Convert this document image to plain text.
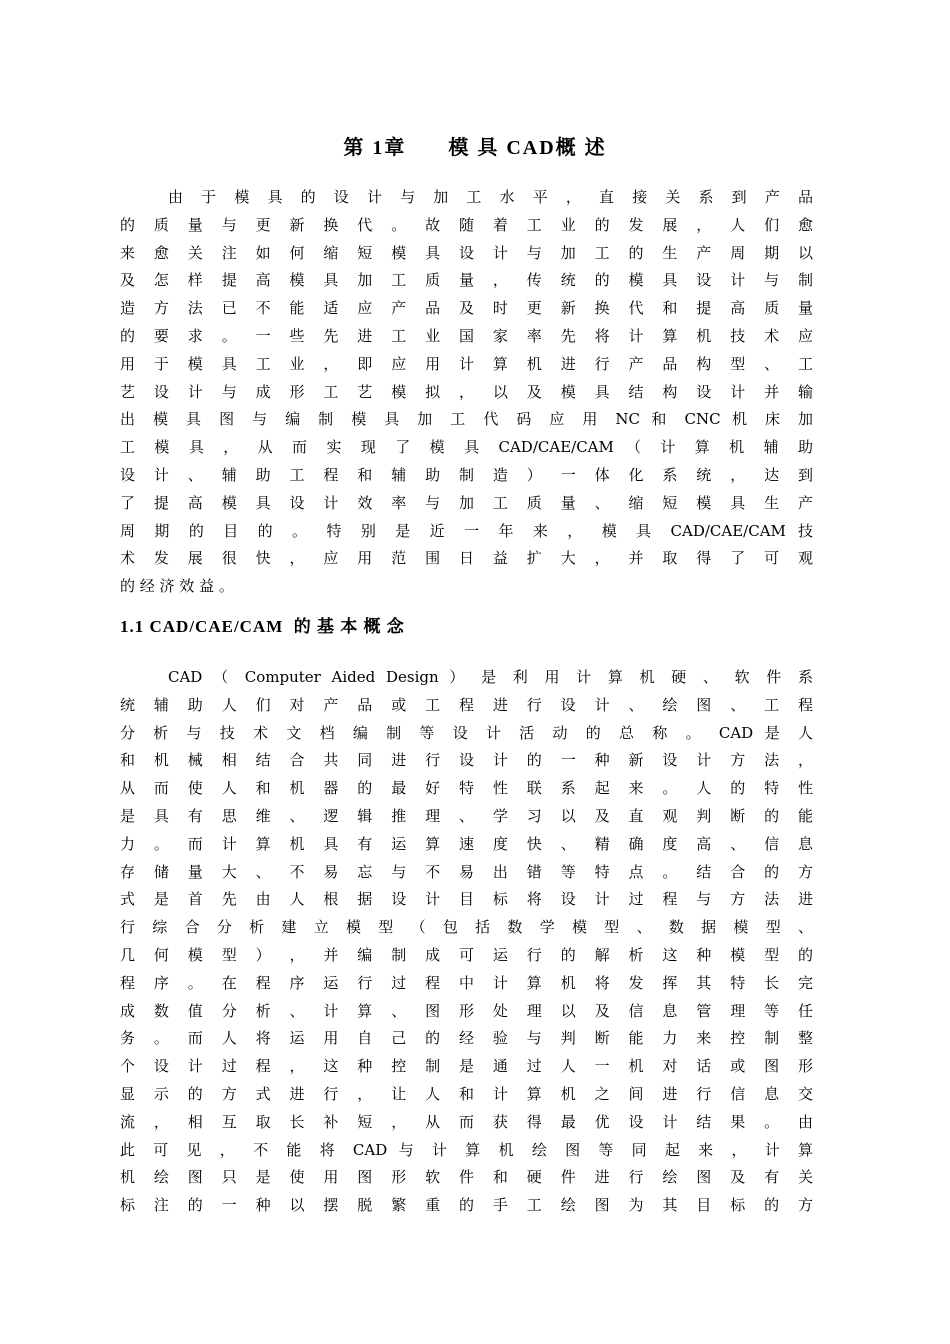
第 1章      模 具 CAD概 述
由 于 模 具 的 设 计 与 加 工 水 平 ， 直 接 关 系 到 产 品
的 质 量 与 更 新 换 代 。 故 随 着 工 业 的 发 展 ， 人 们 愈
来 愈 关 注 如 何 缩 短 模 具 设 计 与 加 工 的 生 产 周 期 以
及 怎 样 提 高 模 具 加 工 质 量 ， 传 统 的 模 具 设 计 与 制
造 方 法 已 不 能 适 应 产 品 及 时 更 新 换 代 和 提 高 质 量
的 要 求 。 一 些 先 进 工 业 国 家 率 先 将 计 算 机 技 术 应
用 于 模 具 工 业 ， 即 应 用 计 算 机 进 行 产 品 构 型 、 工
艺 设 计 与 成 形 工 艺 模 拟 ， 以 及 模 具 结 构 设 计 并 输
出 模 具 图 与 编 制 模 具 加 工 代 码 应 用 NC 和 CNC 机 床 加
工 模 具 ， 从 而 实 现 了 模 具 CAD/CAE/CAM （ 计 算 机 辅 助
设 计 、 辅 助 工 程 和 辅 助 制 造 ） 一 体 化 系 统 ， 达 到
了 提 高 模 具 设 计 效 率 与 加 工 质 量 、 缩 短 模 具 生 产
周 期 的 目 的 。 特 别 是 近 一 年 来 ， 模 具 CAD/CAE/CAM 技
术 发 展 很 快 ， 应 用 范 围 日 益 扩 大 ， 并 取 得 了 可 观
的 经 济 效 益 。
1.1 CAD/CAE/CAM  的 基 本 概 念
CAD （ Computer Aided Design ） 是 利 用 计 算 机 硬 、 软 件 系
统 辅 助 人 们 对 产 品 或 工 程 进 行 设 计 、 绘 图 、 工 程
分 析 与 技 术 文 档 编 制 等 设 计 活 动 的 总 称 。 CAD 是 人
和 机 械 相 结 合 共 同 进 行 设 计 的 一 种 新 设 计 方 法 ，
从 而 使 人 和 机 器 的 最 好 特 性 联 系 起 来 。 人 的 特 性
是 具 有 思 维 、 逻 辑 推 理 、 学 习 以 及 直 观 判 断 的 能
力 。 而 计 算 机 具 有 运 算 速 度 快 、 精 确 度 高 、 信 息
存 储 量 大 、 不 易 忘 与 不 易 出 错 等 特 点 。 结 合 的 方
式 是 首 先 由 人 根 据 设 计 目 标 将 设 计 过 程 与 方 法 进
行 综 合 分 析 建 立 模 型 （ 包 括 数 学 模 型 、 数 据 模 型 、
几 何 模 型 ） ， 并 编 制 成 可 运 行 的 解 析 这 种 模 型 的
程 序 。 在 程 序 运 行 过 程 中 计 算 机 将 发 挥 其 特 长 完
成 数 值 分 析 、 计 算 、 图 形 处 理 以 及 信 息 管 理 等 任
务 。 而 人 将 运 用 自 己 的 经 验 与 判 断 能 力 来 控 制 整
个 设 计 过 程 ， 这 种 控 制 是 通 过 人 一 机 对 话 或 图 形
显 示 的 方 式 进 行 ， 让 人 和 计 算 机 之 间 进 行 信 息 交
流 ， 相 互 取 长 补 短 ， 从 而 获 得 最 优 设 计 结 果 。 由
此 可 见 ， 不 能 将 CAD 与 计 算 机 绘 图 等 同 起 来 ， 计 算
机 绘 图 只 是 使 用 图 形 软 件 和 硬 件 进 行 绘 图 及 有 关
标 注 的 一 种 以 摆 脱 繁 重 的 手 工 绘 图 为 其 目 标 的 方
